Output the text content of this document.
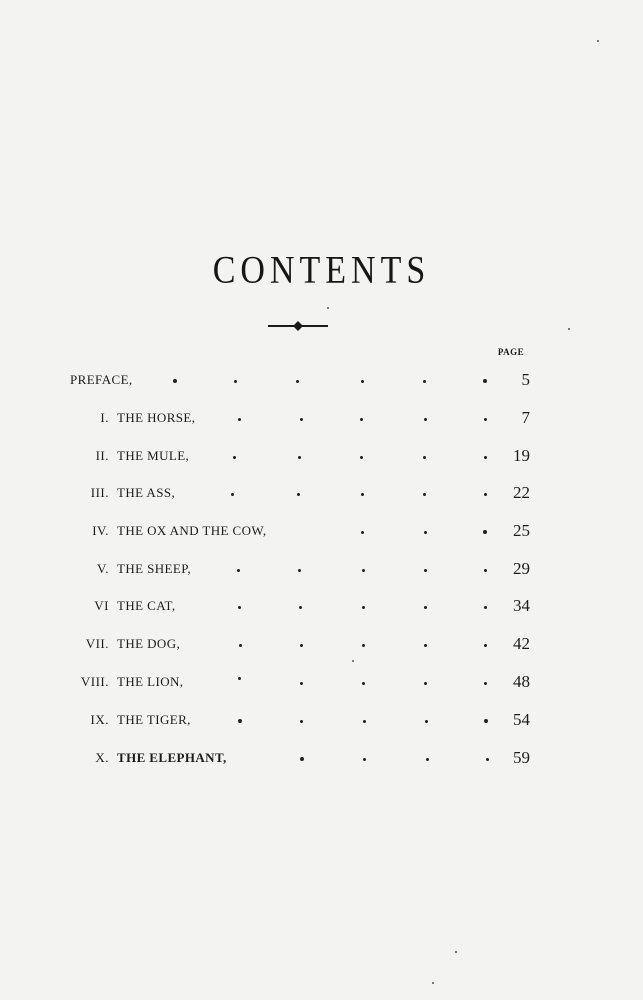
CONTENTS
PAGE
PREFACE,	5
I. THE HORSE,	7
II. THE MULE,	19
III. THE ASS,	22
IV. THE OX AND THE COW,	25
V. THE SHEEP,	29
VI THE CAT,	34
VII. THE DOG,	42
VIII. THE LION,	48
IX. THE TIGER,	54
X. THE ELEPHANT,	59
